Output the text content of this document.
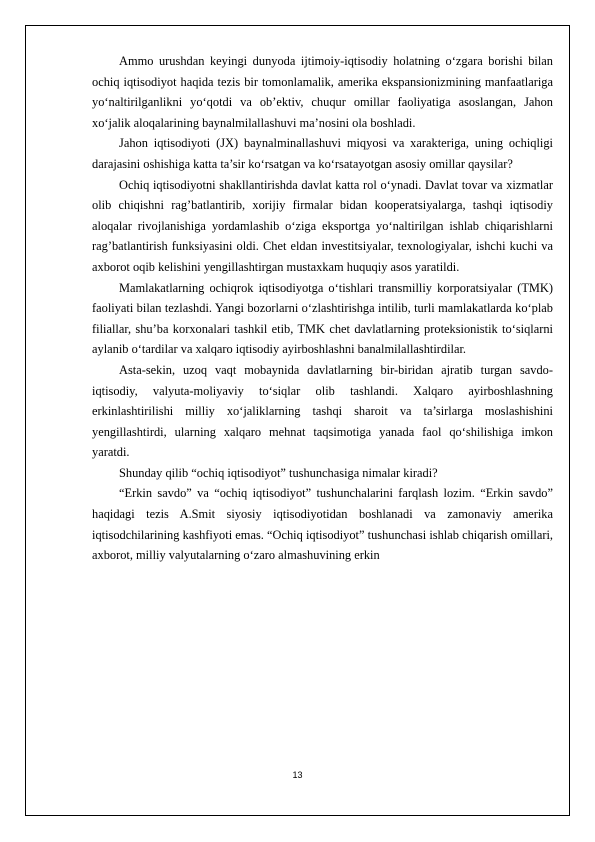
Ammo urushdan keyingi dunyoda ijtimoiy-iqtisodiy holatning o‘zgara borishi bilan ochiq iqtisodiyot haqida tezis bir tomonlamalik, amerika ekspansionizmining manfaatlariga yo‘naltirilganlikni yo‘qotdi va ob’ektiv, chuqur omillar faoliyatiga asoslangan, Jahon xo‘jalik aloqalarining baynalmilallashuvi ma’nosini ola boshladi.

Jahon iqtisodiyoti (JX) baynalminallashuvi miqyosi va xarakteriga, uning ochiqligi darajasini oshishiga katta ta’sir ko‘rsatgan va ko‘rsatayotgan asosiy omillar qaysilar?

Ochiq iqtisodiyotni shakllantirishda davlat katta rol o‘ynadi. Davlat tovar va xizmatlar olib chiqishni rag’batlantirib, xorijiy firmalar bidan kooperatsiyalarga, tashqi iqtisodiy aloqalar rivojlanishiga yordamlashib o‘ziga eksportga yo‘naltirilgan ishlab chiqarishlarni rag’batlantirish funksiyasini oldi. Chet eldan investitsiyalar, texnologiyalar, ishchi kuchi va axborot oqib kelishini yengillashtirgan mustaxkam huquqiy asos yaratildi.

Mamlakatlarning ochiqrok iqtisodiyotga o‘tishlari transmilliy korporatsiyalar (TMK) faoliyati bilan tezlashdi. Yangi bozorlarni o‘zlashtirishga intilib, turli mamlakatlarda ko‘plab filiallar, shu’ba korxonalari tashkil etib, TMK chet davlatlarning proteksionistik to‘siqlarni aylanib o‘tardilar va xalqaro iqtisodiy ayirboshlashni banalmilallashtirdilar.

Asta-sekin, uzoq vaqt mobaynida davlatlarning bir-biridan ajratib turgan savdo-iqtisodiy, valyuta-moliyaviy to‘siqlar olib tashlandi. Xalqaro ayirboshlashning erkinlashtirilishi milliy xo‘jaliklarning tashqi sharoit va ta’sirlarga moslashishini yengillashtirdi, ularning xalqaro mehnat taqsimotiga yanada faol qo‘shilishiga imkon yaratdi.

Shunday qilib “ochiq iqtisodiyot” tushunchasiga nimalar kiradi?

“Erkin savdo” va “ochiq iqtisodiyot” tushunchalarini farqlash lozim. “Erkin savdo” haqidagi tezis A.Smit siyosiy iqtisodiyotidan boshlanadi va zamonaviy amerika iqtisodchilarining kashfiyoti emas. “Ochiq iqtisodiyot” tushunchasi ishlab chiqarish omillari, axborot, milliy valyutalarning o‘zaro almashuvining erkin

13
